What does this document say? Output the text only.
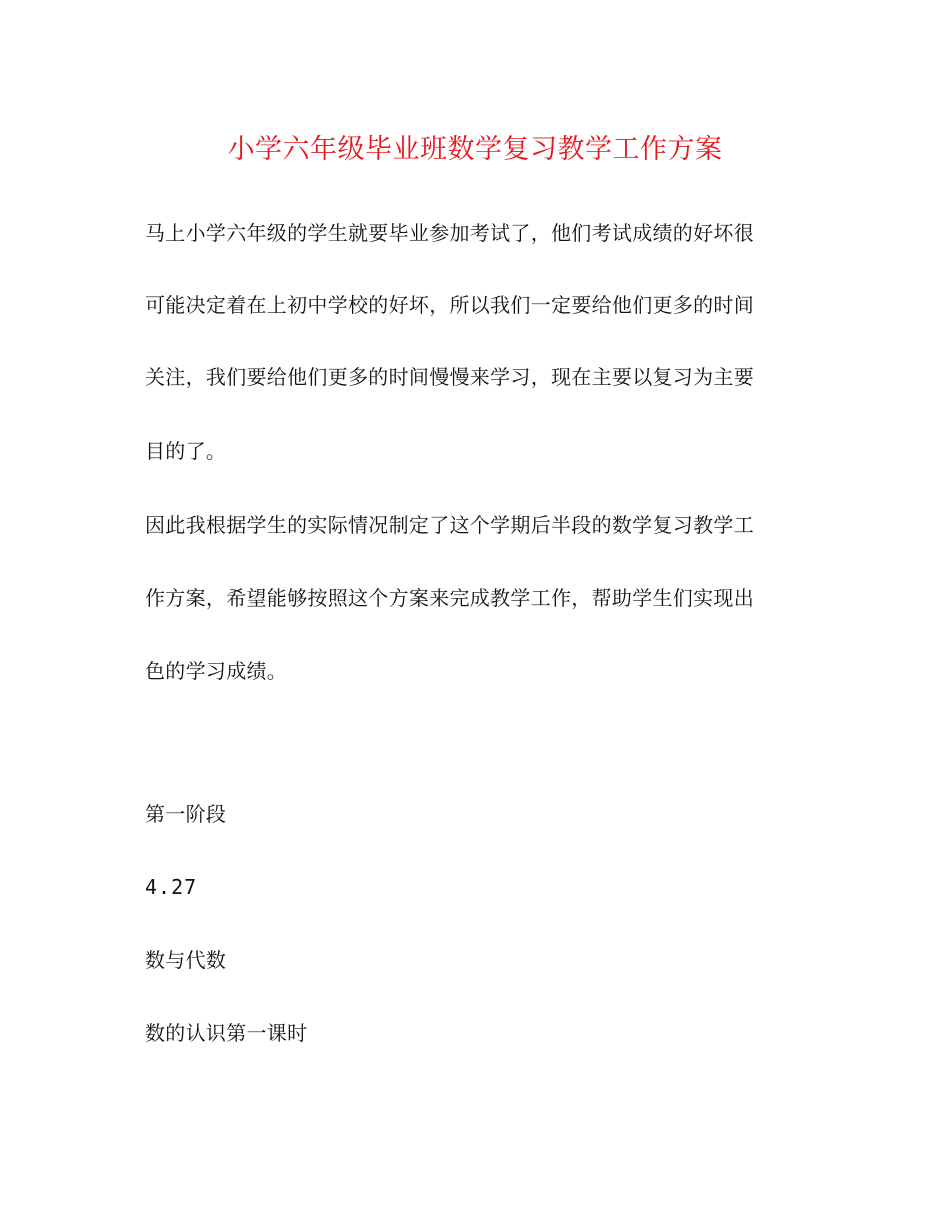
小学六年级毕业班数学复习教学工作方案
马上小学六年级的学生就要毕业参加考试了，他们考试成绩的好坏很
可能决定着在上初中学校的好坏，所以我们一定要给他们更多的时间
关注，我们要给他们更多的时间慢慢来学习，现在主要以复习为主要
目的了。
因此我根据学生的实际情况制定了这个学期后半段的数学复习教学工
作方案，希望能够按照这个方案来完成教学工作，帮助学生们实现出
色的学习成绩。
第一阶段
4.27
数与代数
数的认识第一课时
